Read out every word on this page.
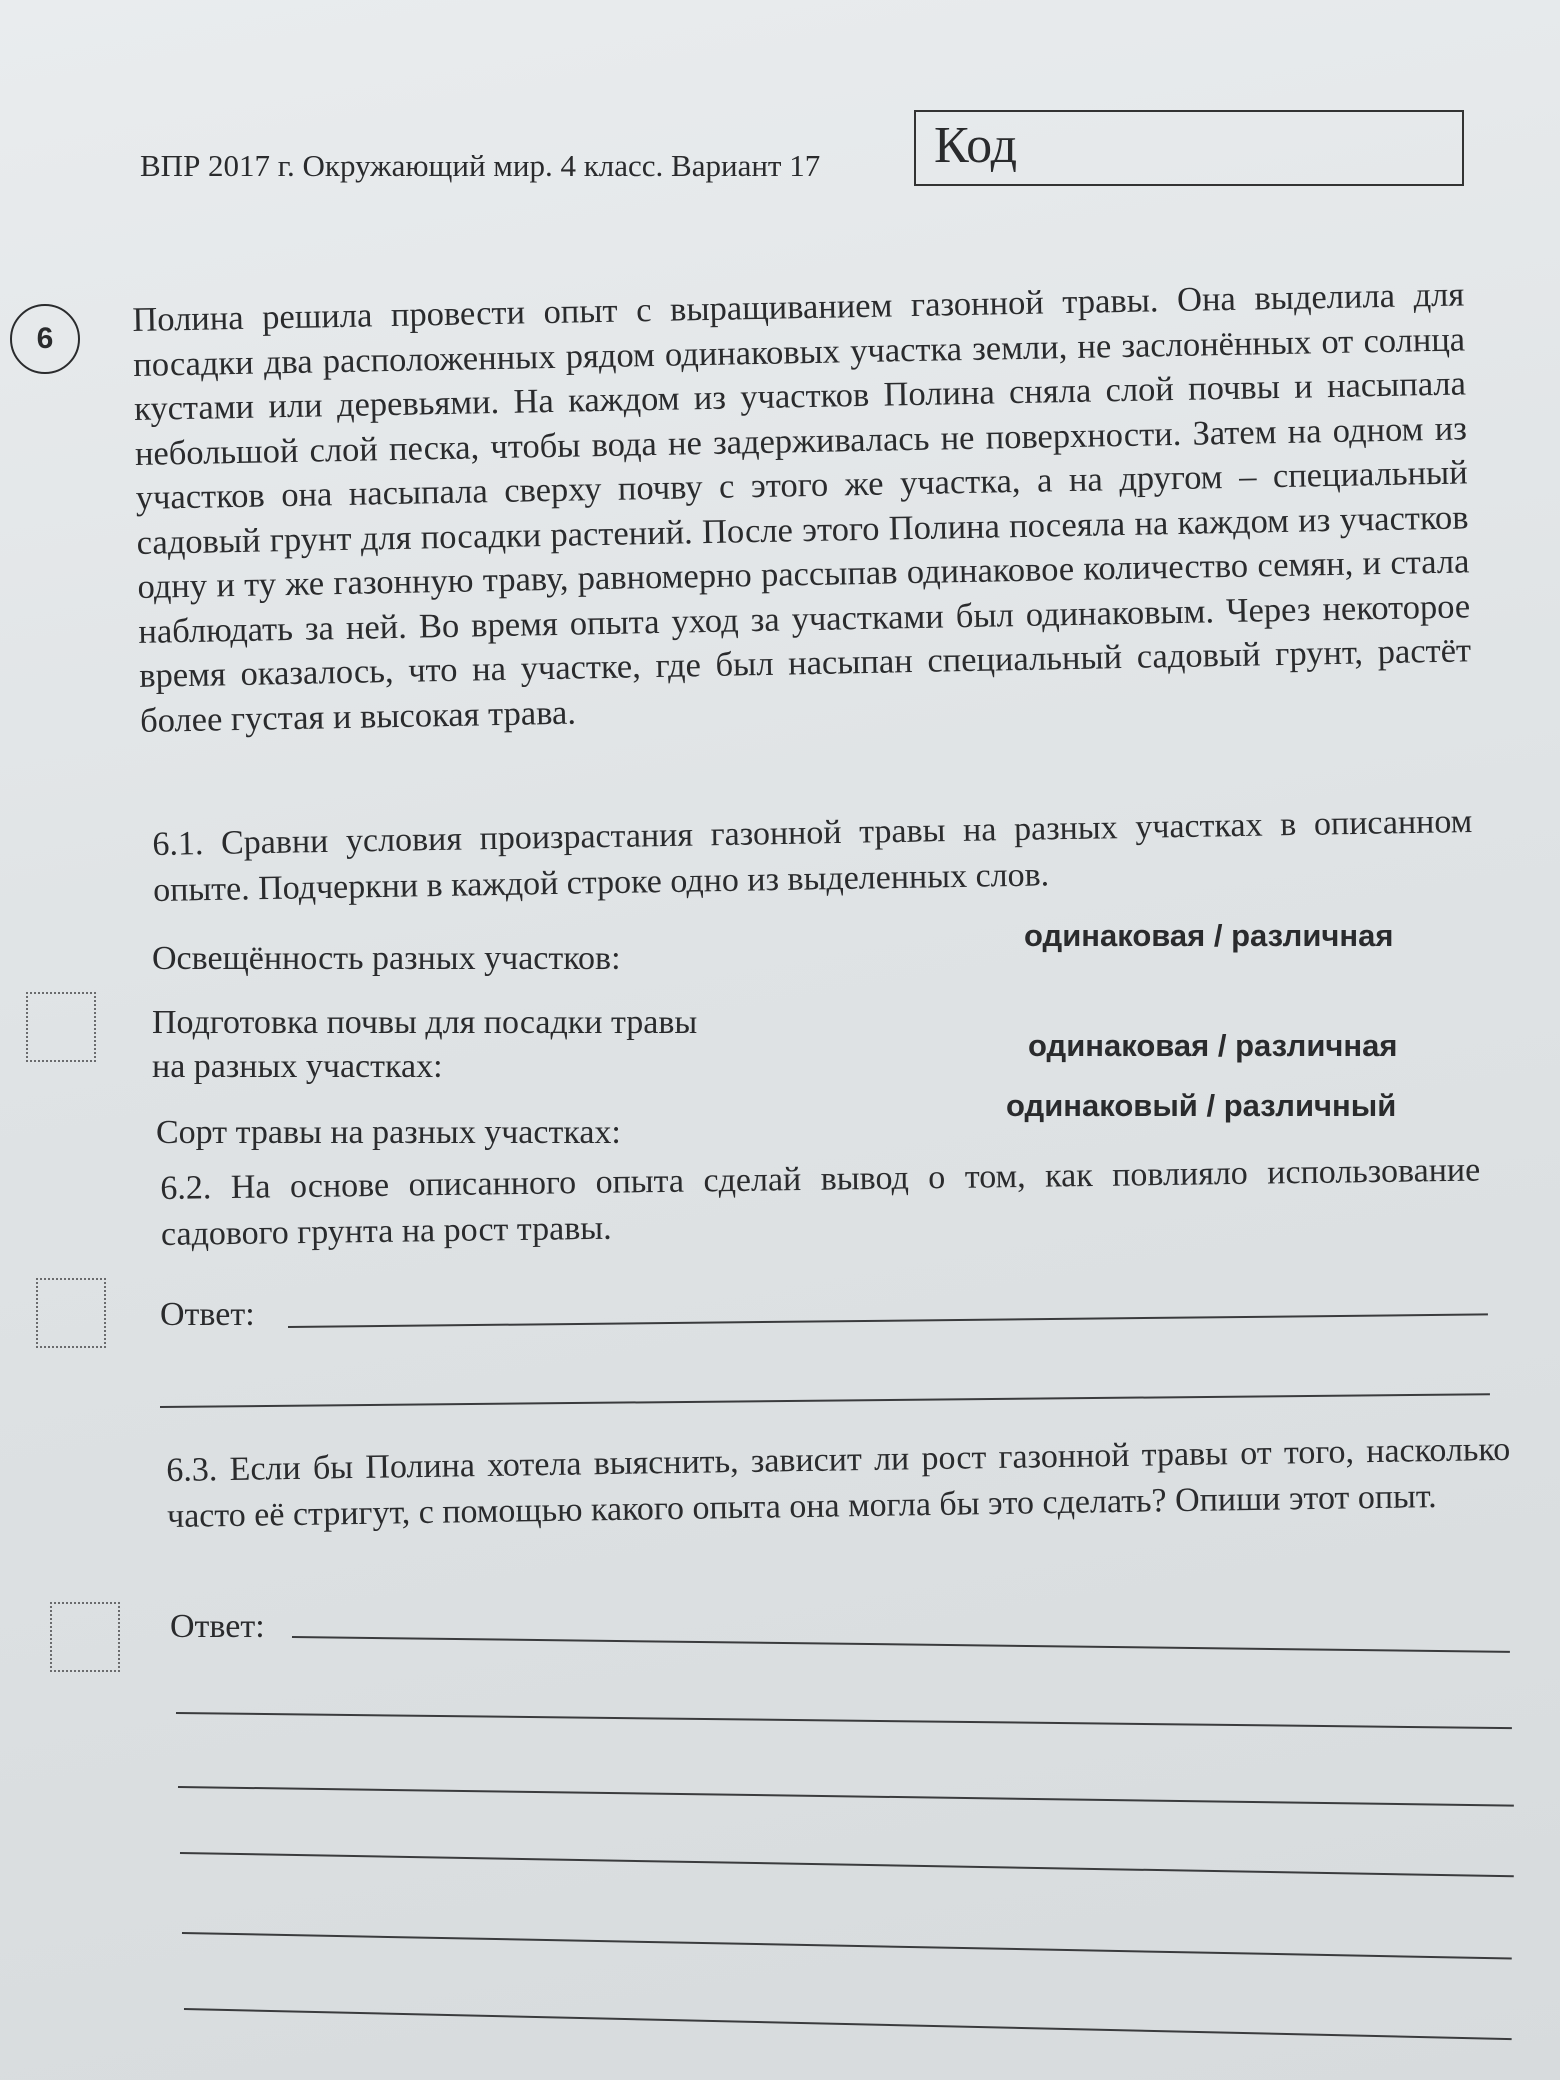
ВПР 2017 г. Окружающий мир. 4 класс. Вариант 17 Код
6	Полина решила провести опыт с выращиванием газонной травы. Она выделила для посадки два расположенных рядом одинаковых участка земли, не заслонённых от солнца кустами или деревьями. На каждом из участков Полина сняла слой почвы и насыпала небольшой слой песка, чтобы вода не задерживалась не поверхности. Затем на одном из участков она насыпала сверху почву с этого же участка, а на другом – специальный садовый грунт для посадки растений. После этого Полина посеяла на каждом из участков одну и ту же газонную траву, равномерно рассыпав одинаковое количество семян, и стала наблюдать за ней. Во время опыта уход за участками был одинаковым. Через некоторое время оказалось, что на участке, где был насыпан специальный садовый грунт, растёт более густая и высокая трава.
6.1. Сравни условия произрастания газонной травы на разных участках в описанном опыте. Подчеркни в каждой строке одно из выделенных слов.
Освещённость разных участков:
одинаковая / различная
Подготовка почвы для посадки травы
на разных участках:
одинаковая / различная
Сорт травы на разных участках:
одинаковый / различный
6.2. На основе описанного опыта сделай вывод о том, как повлияло использование садового грунта на рост травы.
Ответ:
6.3. Если бы Полина хотела выяснить, зависит ли рост газонной травы от того, насколько часто её стригут, с помощью какого опыта она могла бы это сделать? Опиши этот опыт.
Ответ:
